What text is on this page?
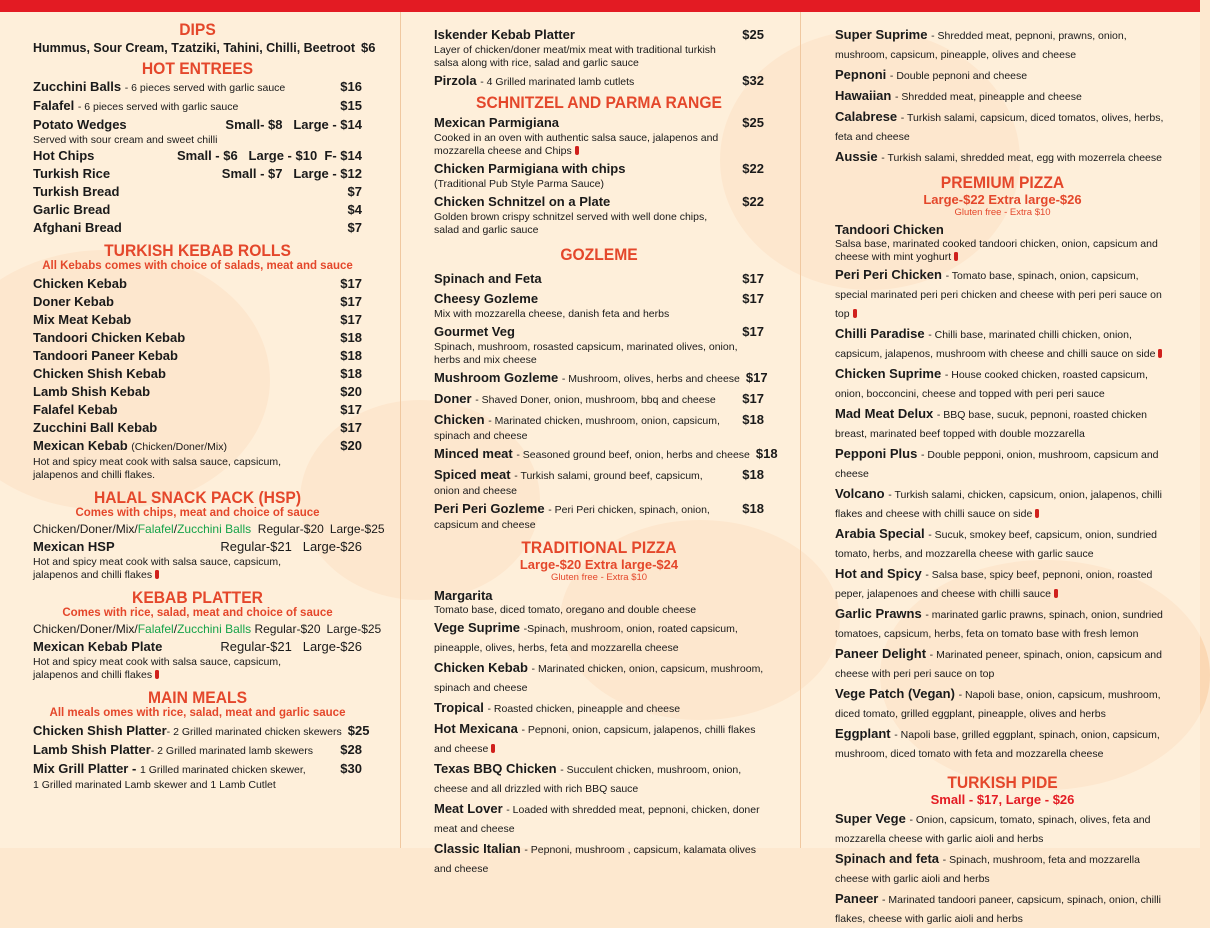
DIPS
Hummus, Sour Cream, Tzatziki, Tahini, Chilli, Beetroot $6
HOT ENTREES
Zucchini Balls - 6 pieces served with garlic sauce	$16
Falafel - 6 pieces served with garlic sauce	$15
Potato Wedges	Small- $8 Large - $14
Served with sour cream and sweet chilli
Hot Chips	Small - $6   Large - $10 F- $14
Turkish Rice	Small - $7 Large - $12
Turkish Bread	$7
Garlic Bread	$4
Afghani Bread	$7
TURKISH KEBAB ROLLS
All Kebabs comes with choice of salads, meat and sauce
Chicken Kebab	$17
Doner Kebab	$17
Mix Meat Kebab	$17
Tandoori Chicken Kebab	$18
Tandoori Paneer Kebab	$18
Chicken Shish Kebab	$18
Lamb Shish Kebab	$20
Falafel Kebab	$17
Zucchini Ball Kebab	$17
Mexican Kebab (Chicken/Doner/Mix)	$20
Hot and spicy meat cook with salsa sauce, capsicum, jalapenos and chilli flakes.
HALAL SNACK PACK (HSP)
Comes with chips, meat and choice of sauce
Chicken/Doner/Mix/Falafel/Zucchini Balls Regular-$20 Large-$25
Mexican HSP	Regular-$21 Large-$26
Hot and spicy meat cook with salsa sauce, capsicum, jalapenos and chilli flakes
KEBAB PLATTER
Comes with rice, salad, meat and choice of sauce
Chicken/Doner/Mix/Falafel/Zucchini Balls Regular-$20 Large-$25
Mexican Kebab Plate	Regular-$21 Large-$26
Hot and spicy meat cook with salsa sauce, capsicum, jalapenos and chilli flakes
MAIN MEALS
All meals omes with rice, salad, meat and garlic sauce
Chicken Shish Platter- 2 Grilled marinated chicken skewers $25
Lamb Shish Platter- 2 Grilled marinated lamb skewers	$28
Mix Grill Platter - 1 Grilled marinated chicken skewer,	$30
1 Grilled marinated Lamb skewer and 1 Lamb Cutlet
Iskender Kebab Platter	$25
Layer of chicken/doner meat/mix meat with traditional turkish salsa along with rice, salad and garlic sauce
Pirzola - 4 Grilled marinated lamb cutlets	$32
SCHNITZEL AND PARMA RANGE
Mexican Parmigiana	$25
Cooked in an oven with authentic salsa sauce, jalapenos and mozzarella cheese and Chips
Chicken Parmigiana with chips	$22
(Traditional Pub Style Parma Sauce)
Chicken Schnitzel on a Plate	$22
Golden brown crispy schnitzel served with well done chips, salad and garlic sauce
GOZLEME
Spinach and Feta	$17
Cheesy Gozleme	$17
Mix with mozzarella cheese, danish feta and herbs
Gourmet Veg	$17
Spinach, mushroom, rosasted capsicum, marinated olives, onion, herbs and mix cheese
Mushroom Gozleme - Mushroom, olives, herbs and cheese $17
Doner - Shaved Doner, onion, mushroom, bbq and cheese	$17
Chicken - Marinated chicken, mushroom, onion, capsicum,	$18
spinach and cheese
Minced meat - Seasoned ground beef, onion, herbs and cheese $18
Spiced meat - Turkish salami, ground beef, capsicum,	$18
onion and cheese
Peri Peri Gozleme - Peri Peri chicken, spinach, onion,	$18
capsicum and cheese
TRADITIONAL PIZZA
Large-$20 Extra large-$24
Gluten free - Extra $10
Margarita
Tomato base, diced tomato, oregano and double cheese
Vege Suprime -Spinach, mushroom, onion, roated capsicum, pineapple, olives, herbs, feta and mozzarella cheese
Chicken Kebab - Marinated chicken, onion, capsicum, mushroom, spinach and cheese
Tropical - Roasted chicken, pineapple and cheese
Hot Mexicana - Pepnoni, onion, capsicum, jalapenos, chilli flakes and cheese
Texas BBQ Chicken - Succulent chicken, mushroom, onion, cheese and all drizzled with rich BBQ sauce
Meat Lover - Loaded with shredded meat, pepnoni, chicken, doner meat and cheese
Classic Italian - Pepnoni, mushroom , capsicum, kalamata olives and cheese
Super Suprime - Shredded meat, pepnoni, prawns, onion, mushroom, capsicum, pineapple, olives and cheese
Pepnoni - Double pepnoni and cheese
Hawaiian - Shredded meat, pineapple and cheese
Calabrese - Turkish salami, capsicum, diced tomatos, olives, herbs, feta and cheese
Aussie - Turkish salami, shredded meat, egg with mozerrela cheese
PREMIUM PIZZA
Large-$22 Extra large-$26
Gluten free - Extra $10
Tandoori Chicken
Salsa base, marinated cooked tandoori chicken, onion, capsicum and cheese with mint yoghurt
Peri Peri Chicken - Tomato base, spinach, onion, capsicum, special marinated peri peri chicken and cheese with peri peri sauce on top
Chilli Paradise - Chilli base, marinated chilli chicken, onion, capsicum, jalapenos, mushroom with cheese and chilli sauce on side
Chicken Suprime - House cooked chicken, roasted capsicum, onion, bocconcini, cheese and topped with peri peri sauce
Mad Meat Delux - BBQ base, sucuk, pepnoni, roasted chicken breast, marinated beef topped with double mozzarella
Pepponi Plus - Double pepponi, onion, mushroom, capsicum and cheese
Volcano - Turkish salami, chicken, capsicum, onion, jalapenos, chilli flakes and cheese with chilli sauce on side
Arabia Special - Sucuk, smokey beef, capsicum, onion, sundried tomato, herbs, and mozzarella cheese with garlic sauce
Hot and Spicy - Salsa base, spicy beef, pepnoni, onion, roasted peper, jalapenoes and cheese with chilli sauce
Garlic Prawns - marinated garlic prawns, spinach, onion, sundried tomatoes, capsicum, herbs, feta on tomato base with fresh lemon
Paneer Delight - Marinated peneer, spinach, onion, capsicum and cheese with peri peri sauce on top
Vege Patch (Vegan) - Napoli base, onion, capsicum, mushroom, diced tomato, grilled eggplant, pineapple, olives and herbs
Eggplant - Napoli base, grilled eggplant, spinach, onion, capsicum, mushroom, diced tomato with feta and mozzarella cheese
TURKISH PIDE
Small - $17, Large - $26
Super Vege - Onion, capsicum, tomato, spinach, olives, feta and mozzarella cheese with garlic aioli and herbs
Spinach and feta - Spinach, mushroom, feta and mozzarella cheese with garlic aioli and herbs
Paneer - Marinated tandoori paneer, capsicum, spinach, onion, chilli flakes, cheese with garlic aioli and herbs
